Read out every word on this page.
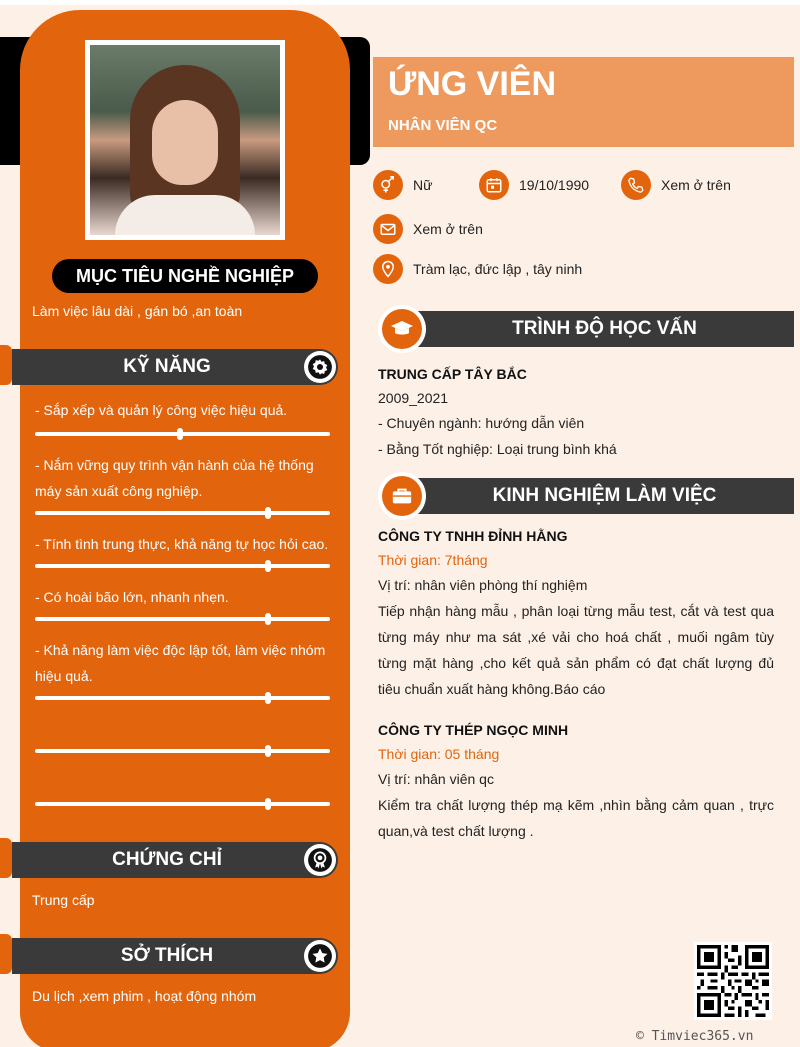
MỤC TIÊU NGHỀ NGHIỆP
Làm việc lâu dài , gán bó ,an toàn
KỸ NĂNG
- Sắp xếp và quản lý công việc hiệu quả.
- Nắm vững quy trình vận hành của hệ thống máy sản xuất công nghiệp.
- Tính tình trung thực, khả năng tự học hỏi cao.
- Có hoài bão lớn, nhanh nhẹn.
- Khả năng làm việc độc lập tốt, làm việc nhóm hiệu quả.
CHỨNG CHỈ
Trung cấp
SỞ THÍCH
Du lịch ,xem phim , hoạt động nhóm
ỨNG VIÊN
NHÂN VIÊN QC
Nữ	19/10/1990	Xem ở trên
Xem ở trên
Tràm lạc, đức lập , tây ninh
TRÌNH ĐỘ HỌC VẤN
TRUNG CẤP TÂY BẮC
2009_2021
- Chuyên ngành: hướng dẫn viên
- Bằng Tốt nghiệp: Loại trung bình khá
KINH NGHIỆM LÀM VIỆC
CÔNG TY TNHH ĐỈNH HẰNG
Thời gian: 7tháng
Vị trí: nhân viên phòng thí nghiệm
Tiếp nhận hàng mẫu , phân loại từng mẫu test, cắt và test qua từng máy như ma sát ,xé vải cho hoá chất , muối ngâm tùy từng mặt hàng ,cho kết quả sản phẩm có đạt chất lượng đủ tiêu chuẩn xuất hàng không.Báo cáo
CÔNG TY THÉP NGỌC MINH
Thời gian: 05 tháng
Vị trí: nhân viên qc
Kiểm tra chất lượng thép mạ kẽm ,nhìn bằng cảm quan , trực quan,và test chất lượng .
© Timviec365.vn
